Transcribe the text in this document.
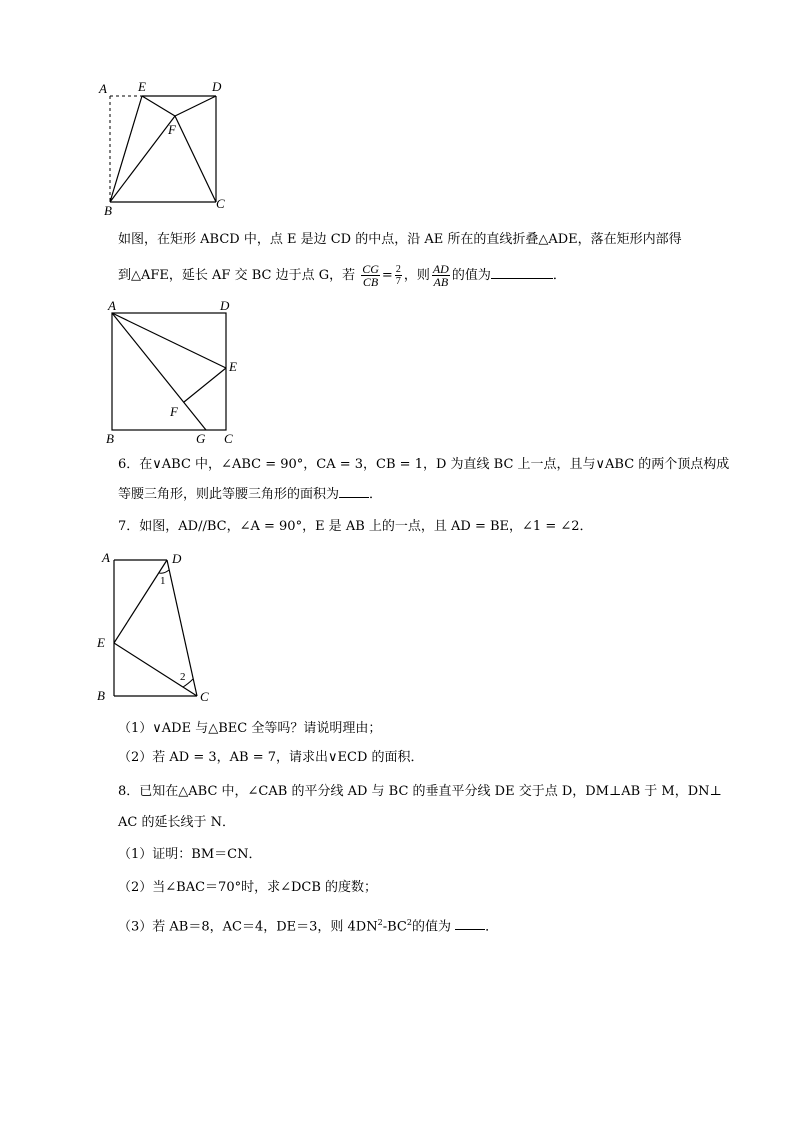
A E	D
F
B	C
如图，在矩形 ABCD 中，点 E 是边 CD 的中点，沿 AE 所在的直线折叠△ADE，落在矩形内部得
到△AFE，延长 AF 交 BC 边于点 G，若 $\frac{CG}{CB} = \frac{2}{7}$ ，则 $\frac{AD}{AB}$ 的值为	．
A	D
E
F
B	G C
6．在∨ABC 中，∠ABC = 90°，CA = 3，CB = 1，D 为直线 BC 上一点，且与∨ABC 的两个顶点构成
等腰三角形，则此等腰三角形的面积为 ．
7．如图，AD//BC，∠A = 90°，E 是 AB 上的一点，且 AD = BE，∠1 = ∠2．
A	D
E
B	C
1
2
（1）∨ADE 与△BEC 全等吗？请说明理由；
（2）若 AD = 3，AB = 7，请求出∨ECD 的面积．
8．已知在△ABC 中，∠CAB 的平分线 AD 与 BC 的垂直平分线 DE 交于点 D，DM⊥AB 于 M，DN⊥
AC 的延长线于 N．
（1）证明：BM＝CN．
（2）当∠BAC＝70°时，求∠DCB 的度数；
（3）若 AB＝8，AC＝4，DE＝3，则 $4DN^2-BC^2$的值为	．
